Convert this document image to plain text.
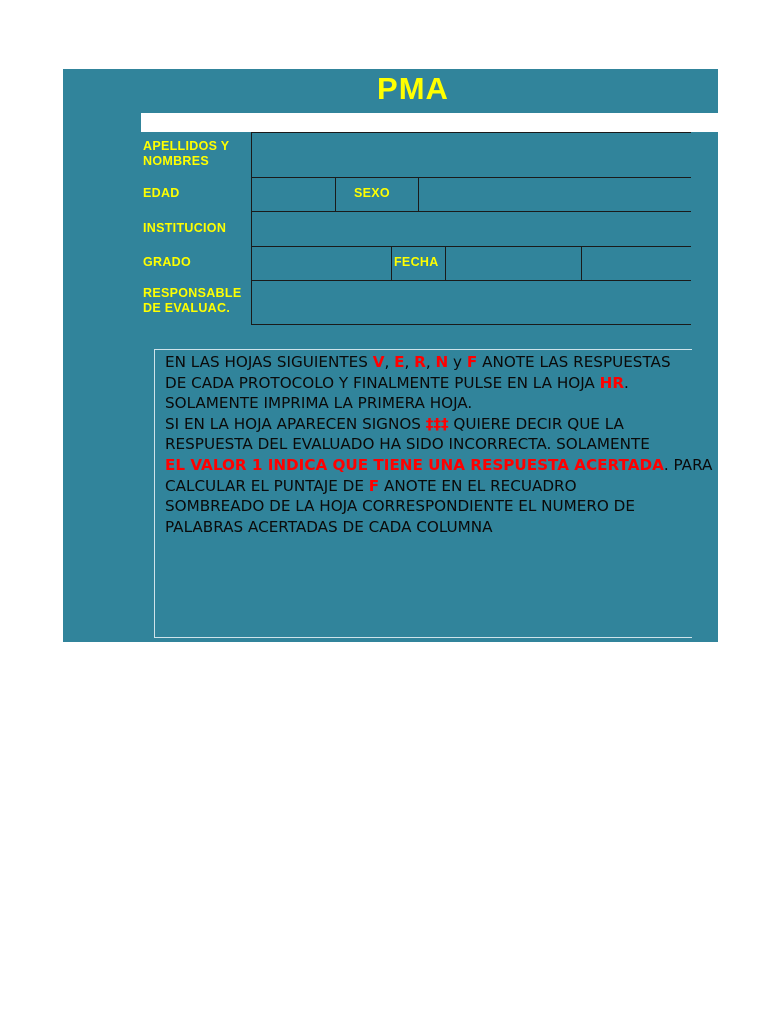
PMA
APELLIDOS Y
NOMBRES
EDAD	SEXO
INSTITUCION
GRADO	FECHA
RESPONSABLE
DE EVALUAC.
EN LAS HOJAS SIGUIENTES V, E, R, N y F ANOTE LAS RESPUESTAS
DE CADA PROTOCOLO Y FINALMENTE PULSE EN LA HOJA HR.
SOLAMENTE IMPRIMA LA PRIMERA HOJA.
SI EN LA HOJA APARECEN SIGNOS ‡‡‡ QUIERE DECIR QUE LA
RESPUESTA DEL EVALUADO HA SIDO INCORRECTA. SOLAMENTE
EL VALOR 1 INDICA QUE TIENE UNA RESPUESTA ACERTADA. PARA
CALCULAR EL PUNTAJE DE F ANOTE EN EL RECUADRO
SOMBREADO DE LA HOJA CORRESPONDIENTE EL NUMERO DE
PALABRAS ACERTADAS DE CADA COLUMNA
